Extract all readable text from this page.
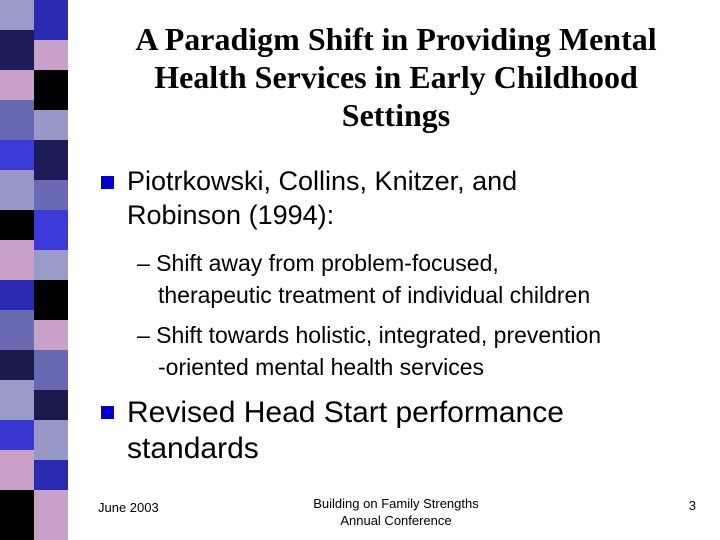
A Paradigm Shift in Providing Mental Health Services in Early Childhood Settings
Piotrkowski, Collins, Knitzer, and
Robinson (1994):
– Shift away from problem-focused,
therapeutic treatment of individual children
– Shift towards holistic, integrated, prevention
-oriented mental health services
Revised Head Start performance
standards
June 2003	Building on Family Strengths
Annual Conference
3
